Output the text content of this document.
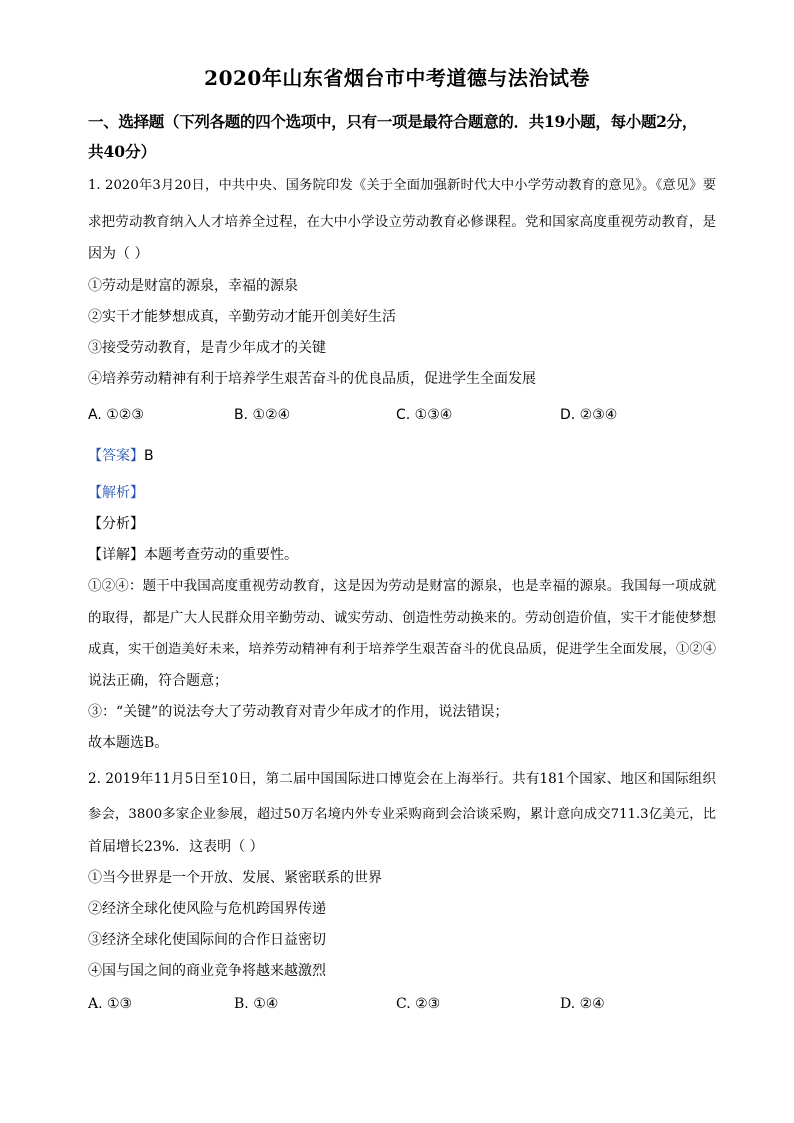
2020年山东省烟台市中考道德与法治试卷
一、选择题（下列各题的四个选项中，只有一项是最符合题意的．共19小题，每小题2分，
共40分）
1. 2020年3月20日，中共中央、国务院印发《关于全面加强新时代大中小学劳动教育的意见》。《意见》要
求把劳动教育纳入人才培养全过程，在大中小学设立劳动教育必修课程。党和国家高度重视劳动教育，是
因为（ ）
①劳动是财富的源泉，幸福的源泉
②实干才能梦想成真，辛勤劳动才能开创美好生活
③接受劳动教育，是青少年成才的关键
④培养劳动精神有利于培养学生艰苦奋斗的优良品质，促进学生全面发展
A. ①②③	B. ①②④	C. ①③④	D. ②③④
【答案】B
【解析】
【分析】
【详解】本题考查劳动的重要性。
①②④：题干中我国高度重视劳动教育，这是因为劳动是财富的源泉，也是幸福的源泉。我国每一项成就
的取得，都是广大人民群众用辛勤劳动、诚实劳动、创造性劳动换来的。劳动创造价值，实干才能使梦想
成真，实干创造美好未来，培养劳动精神有利于培养学生艰苦奋斗的优良品质，促进学生全面发展，①②④
说法正确，符合题意；
③：“关键”的说法夸大了劳动教育对青少年成才的作用，说法错误；
故本题选B。
2. 2019年11月5日至10日，第二届中国国际进口博览会在上海举行。共有181个国家、地区和国际组织
参会，3800多家企业参展，超过50万名境内外专业采购商到会洽谈采购，累计意向成交711.3亿美元，比
首届增长23%．这表明（ ）
①当今世界是一个开放、发展、紧密联系的世界
②经济全球化使风险与危机跨国界传递
③经济全球化使国际间的合作日益密切
④国与国之间的商业竞争将越来越激烈
A. ①③	B. ①④	C. ②③	D. ②④
